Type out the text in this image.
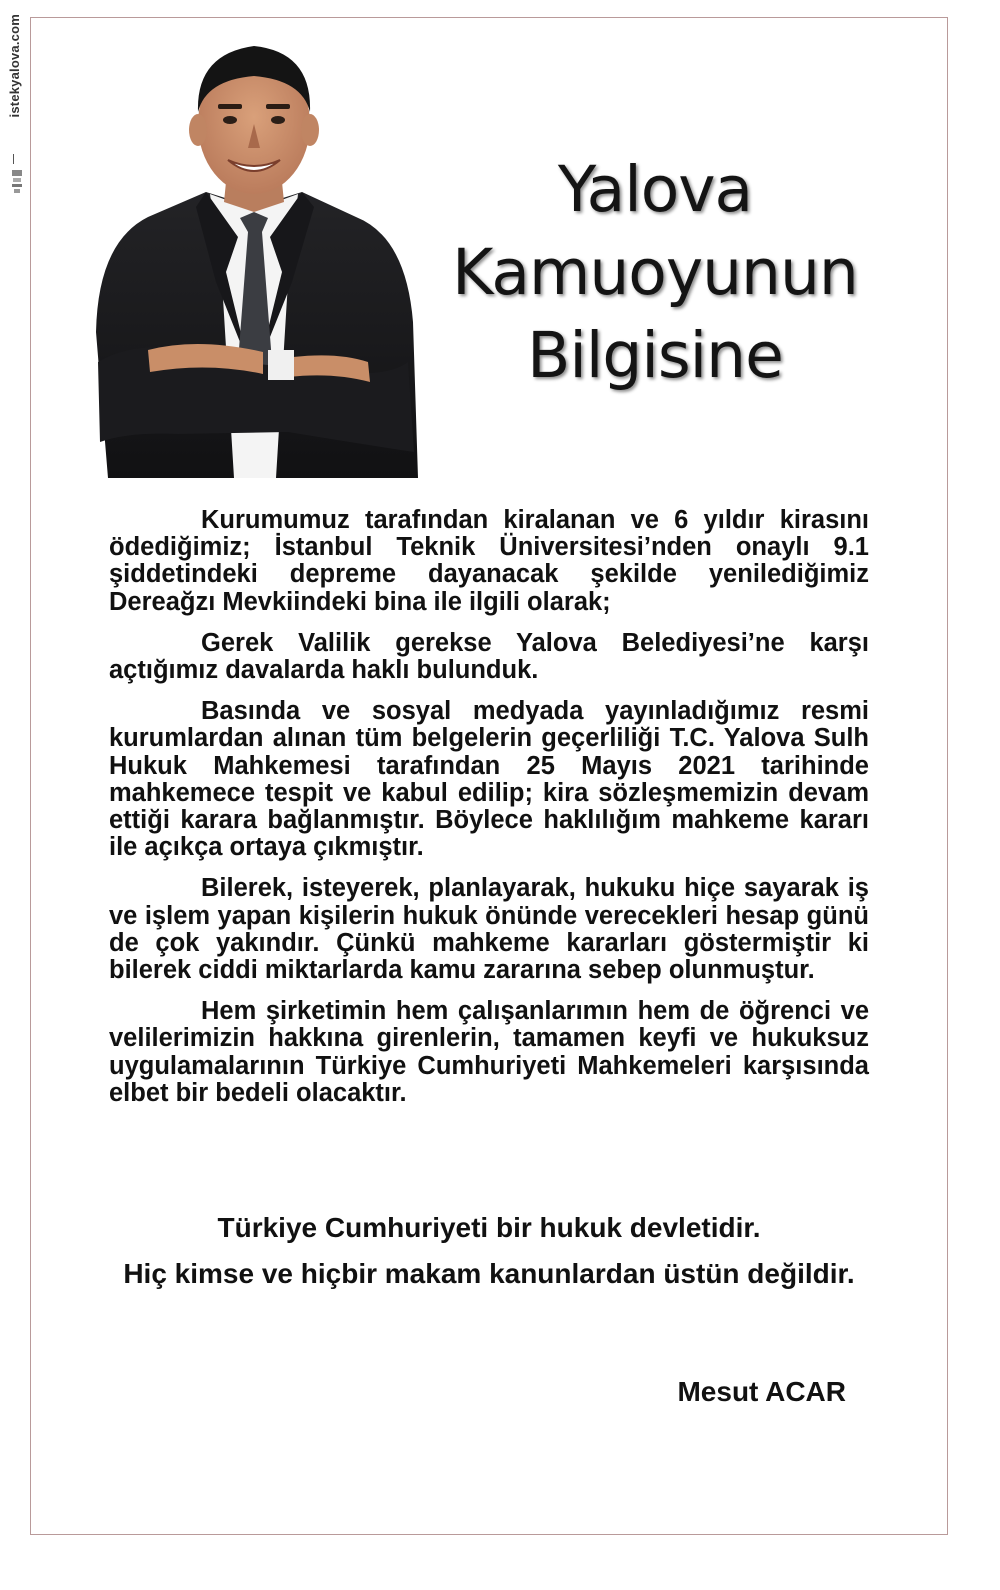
istekyalova.com
Yalova
Kamuoyunun
Bilgisine

Kurumumuz tarafından kiralanan ve 6 yıldır kirasını ödediğimiz; İstanbul Teknik Üniversitesi’nden onaylı 9.1 şiddetindeki depreme dayanacak şekilde yenilediğimiz Dereağzı Mevkiindeki bina ile ilgili olarak;

Gerek Valilik gerekse Yalova Belediyesi’ne karşı açtığımız davalarda haklı bulunduk.

Basında ve sosyal medyada yayınladığımız resmi kurumlardan alınan tüm belgelerin geçerliliği T.C. Yalova Sulh Hukuk Mahkemesi tarafından 25 Mayıs 2021 tarihinde mahkemece tespit ve kabul edilip; kira sözleşmemizin devam ettiği karara bağlanmıştır. Böylece haklılığım mahkeme kararı ile açıkça ortaya çıkmıştır.

Bilerek, isteyerek, planlayarak, hukuku hiçe sayarak iş ve işlem yapan kişilerin hukuk önünde verecekleri hesap günü de çok yakındır. Çünkü mahkeme kararları göstermiştir ki bilerek ciddi miktarlarda kamu zararına sebep olunmuştur.

Hem şirketimin hem çalışanlarımın hem de öğrenci ve velilerimizin hakkına girenlerin, tamamen keyfi ve hukuksuz uygulamalarının Türkiye Cumhuriyeti Mahkemeleri karşısında elbet bir bedeli olacaktır.

Türkiye Cumhuriyeti bir hukuk devletidir.

Hiç kimse ve hiçbir makam kanunlardan üstün değildir.

Mesut ACAR
